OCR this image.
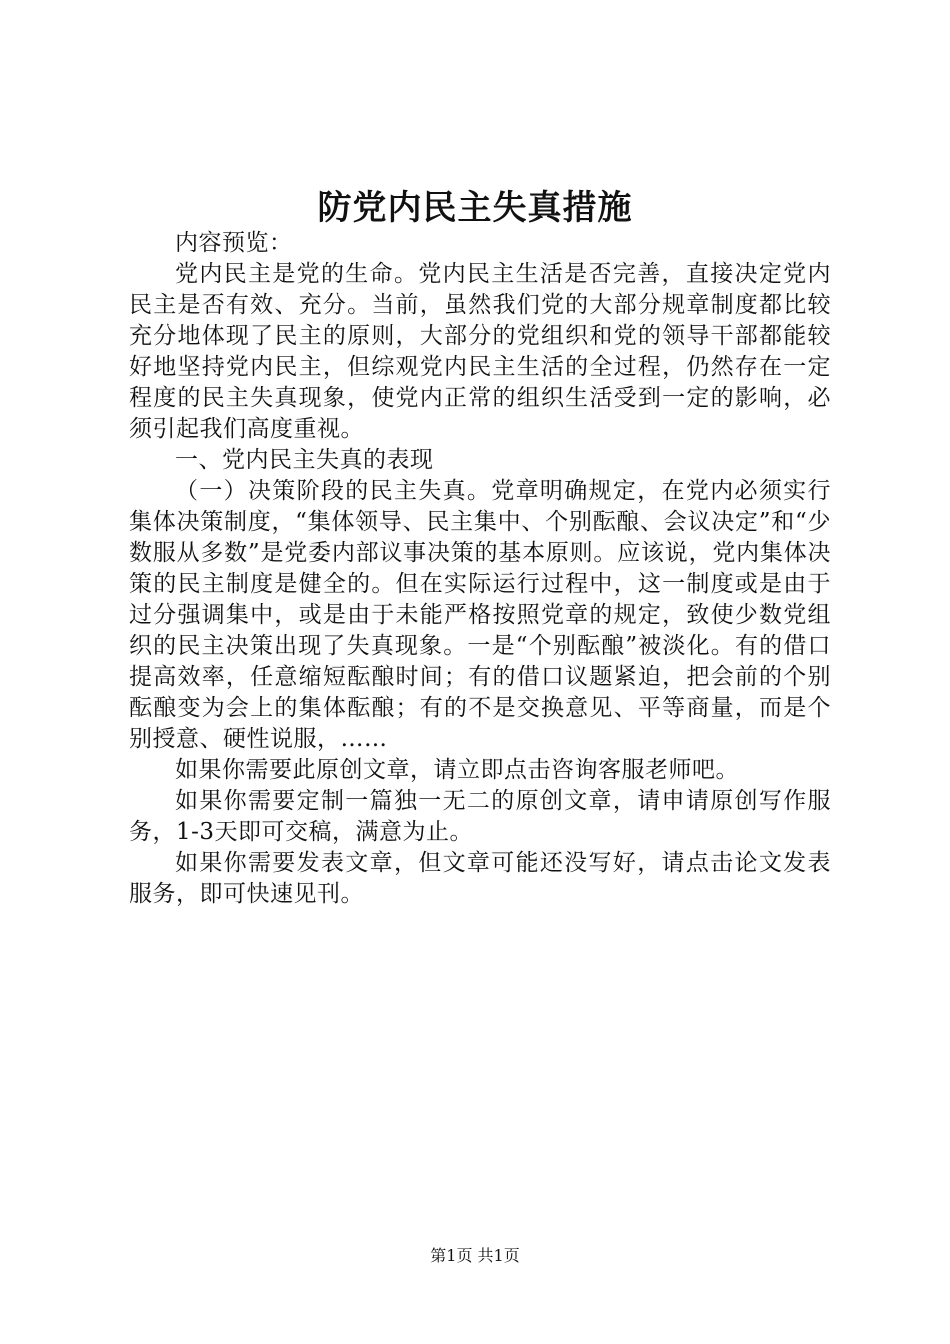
防党内民主失真措施

内容预览：

党内民主是党的生命。党内民主生活是否完善，直接决定党内民主是否有效、充分。当前，虽然我们党的大部分规章制度都比较充分地体现了民主的原则，大部分的党组织和党的领导干部都能较好地坚持党内民主，但综观党内民主生活的全过程，仍然存在一定程度的民主失真现象，使党内正常的组织生活受到一定的影响，必须引起我们高度重视。

一、党内民主失真的表现

（一）决策阶段的民主失真。党章明确规定，在党内必须实行集体决策制度，“集体领导、民主集中、个别酝酿、会议决定”和“少数服从多数”是党委内部议事决策的基本原则。应该说，党内集体决策的民主制度是健全的。但在实际运行过程中，这一制度或是由于过分强调集中，或是由于未能严格按照党章的规定，致使少数党组织的民主决策出现了失真现象。一是“个别酝酿”被淡化。有的借口提高效率，任意缩短酝酿时间；有的借口议题紧迫，把会前的个别酝酿变为会上的集体酝酿；有的不是交换意见、平等商量，而是个别授意、硬性说服，……

如果你需要此原创文章，请立即点击咨询客服老师吧。

如果你需要定制一篇独一无二的原创文章，请申请原创写作服务，1-3天即可交稿，满意为止。

如果你需要发表文章，但文章可能还没写好，请点击论文发表服务，即可快速见刊。

第1页 共1页
